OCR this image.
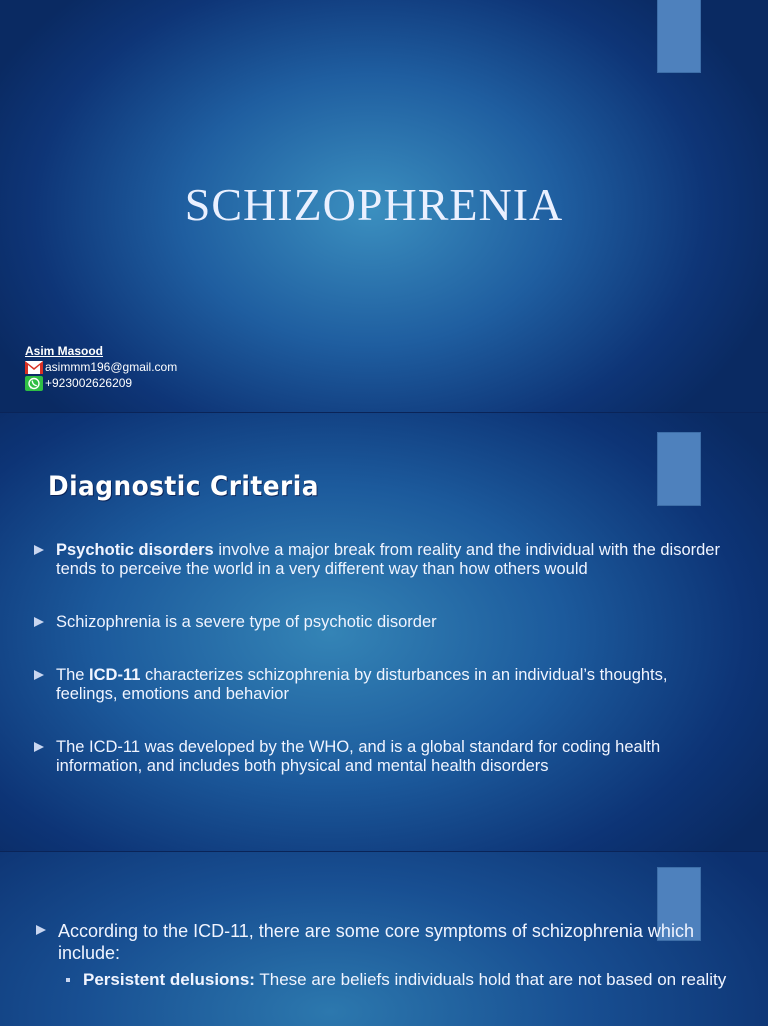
SCHIZOPHRENIA
Asim Masood
asimmm196@gmail.com
+923002626209
Diagnostic Criteria
Psychotic disorders involve a major break from reality and the individual with the disorder tends to perceive the world in a very different way than how others would
Schizophrenia is a severe type of psychotic disorder
The ICD-11 characterizes schizophrenia by disturbances in an individual’s thoughts, feelings, emotions and behavior
The ICD-11 was developed by the WHO, and is a global standard for coding health information, and includes both physical and mental health disorders
According to the ICD-11, there are some core symptoms of schizophrenia which include:
Persistent delusions: These are beliefs individuals hold that are not based on reality
